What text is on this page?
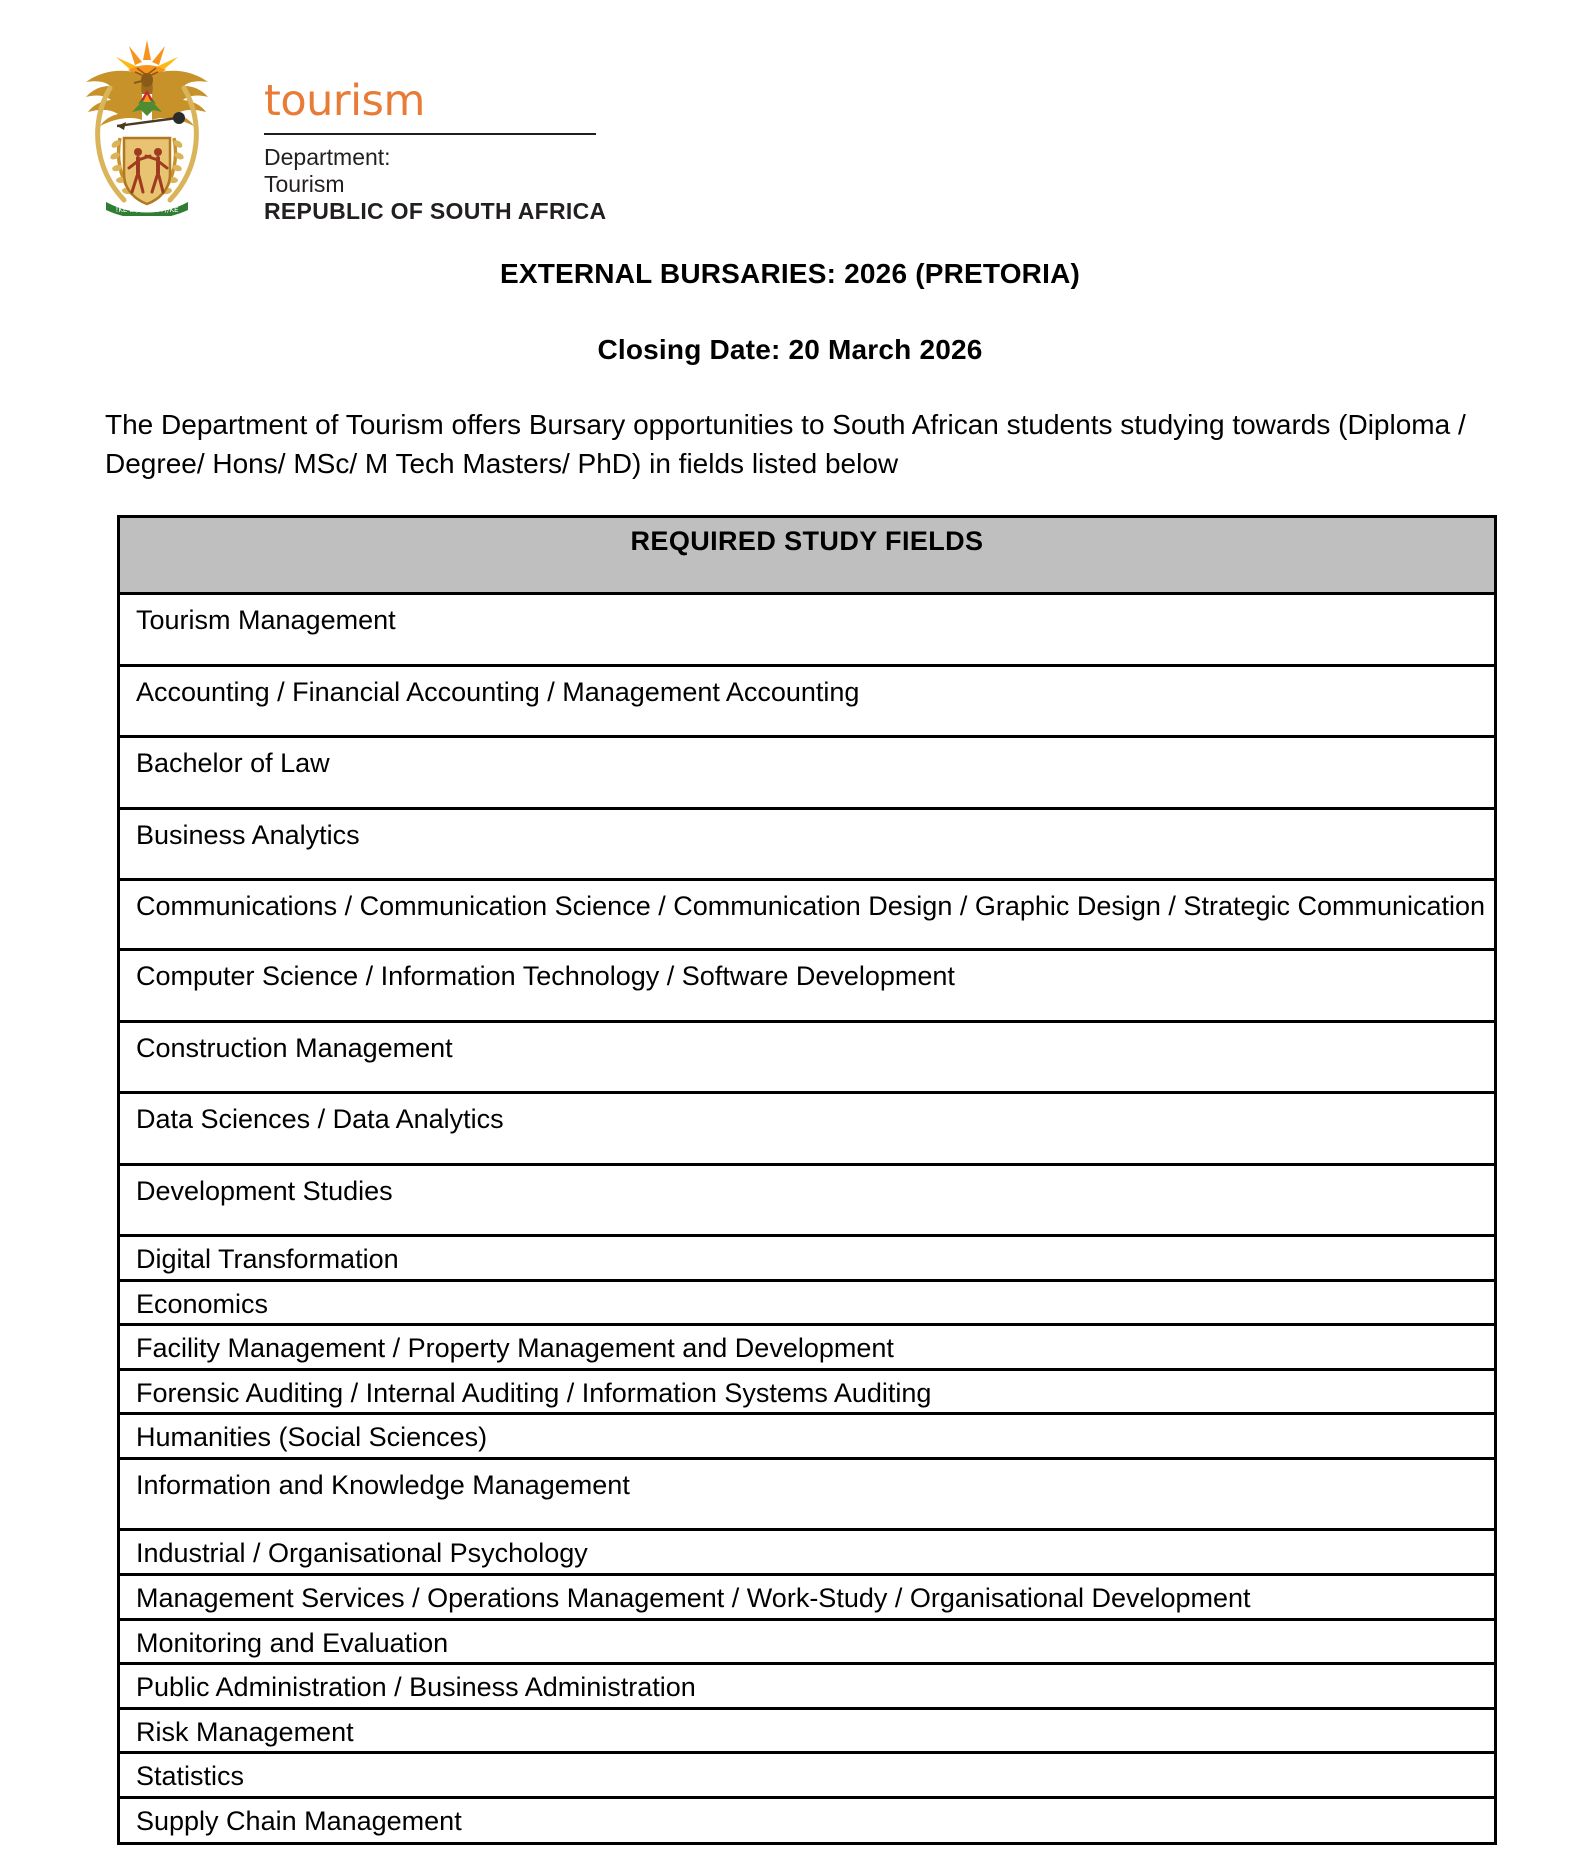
!KE E:/XARRA //KE
tourism
Department:
Tourism
REPUBLIC OF SOUTH AFRICA
EXTERNAL BURSARIES: 2026 (PRETORIA)
Closing Date: 20 March 2026

The Department of Tourism offers Bursary opportunities to South African students studying towards (Diploma / Degree/ Hons/ MSc/ M Tech Masters/ PhD) in fields listed below

REQUIRED STUDY FIELDS

Tourism Management

Accounting / Financial Accounting / Management Accounting

Bachelor of Law

Business Analytics

Communications / Communication Science / Communication Design / Graphic Design / Strategic Communication

Computer Science / Information Technology / Software Development

Construction Management

Data Sciences / Data Analytics

Development Studies

Digital Transformation

Economics

Facility Management / Property Management and Development

Forensic Auditing / Internal Auditing / Information Systems Auditing

Humanities (Social Sciences)

Information and Knowledge Management

Industrial / Organisational Psychology

Management Services / Operations Management / Work-Study / Organisational Development

Monitoring and Evaluation

Public Administration / Business Administration

Risk Management

Statistics

Supply Chain Management
